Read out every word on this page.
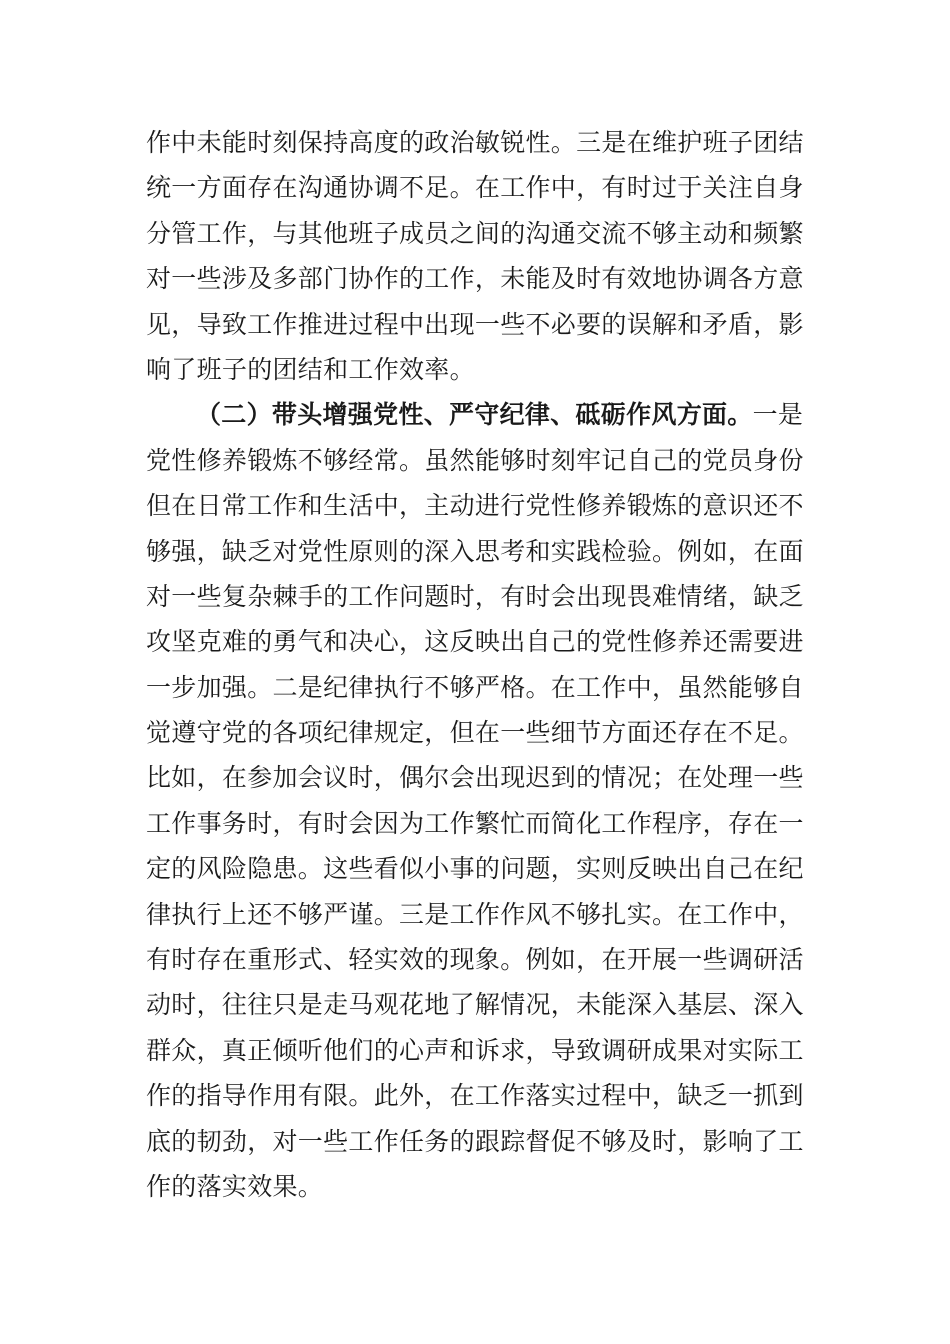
作中未能时刻保持高度的政治敏锐性。三是在维护班子团结
统一方面存在沟通协调不足。在工作中，有时过于关注自身
分管工作，与其他班子成员之间的沟通交流不够主动和频繁
对一些涉及多部门协作的工作，未能及时有效地协调各方意
见，导致工作推进过程中出现一些不必要的误解和矛盾，影
响了班子的团结和工作效率。
（二）带头增强党性、严守纪律、砥砺作风方面。一是
党性修养锻炼不够经常。虽然能够时刻牢记自己的党员身份
但在日常工作和生活中，主动进行党性修养锻炼的意识还不
够强，缺乏对党性原则的深入思考和实践检验。例如，在面
对一些复杂棘手的工作问题时，有时会出现畏难情绪，缺乏
攻坚克难的勇气和决心，这反映出自己的党性修养还需要进
一步加强。二是纪律执行不够严格。在工作中，虽然能够自
觉遵守党的各项纪律规定，但在一些细节方面还存在不足。
比如，在参加会议时，偶尔会出现迟到的情况；在处理一些
工作事务时，有时会因为工作繁忙而简化工作程序，存在一
定的风险隐患。这些看似小事的问题，实则反映出自己在纪
律执行上还不够严谨。三是工作作风不够扎实。在工作中，
有时存在重形式、轻实效的现象。例如，在开展一些调研活
动时，往往只是走马观花地了解情况，未能深入基层、深入
群众，真正倾听他们的心声和诉求，导致调研成果对实际工
作的指导作用有限。此外，在工作落实过程中，缺乏一抓到
底的韧劲，对一些工作任务的跟踪督促不够及时，影响了工
作的落实效果。
